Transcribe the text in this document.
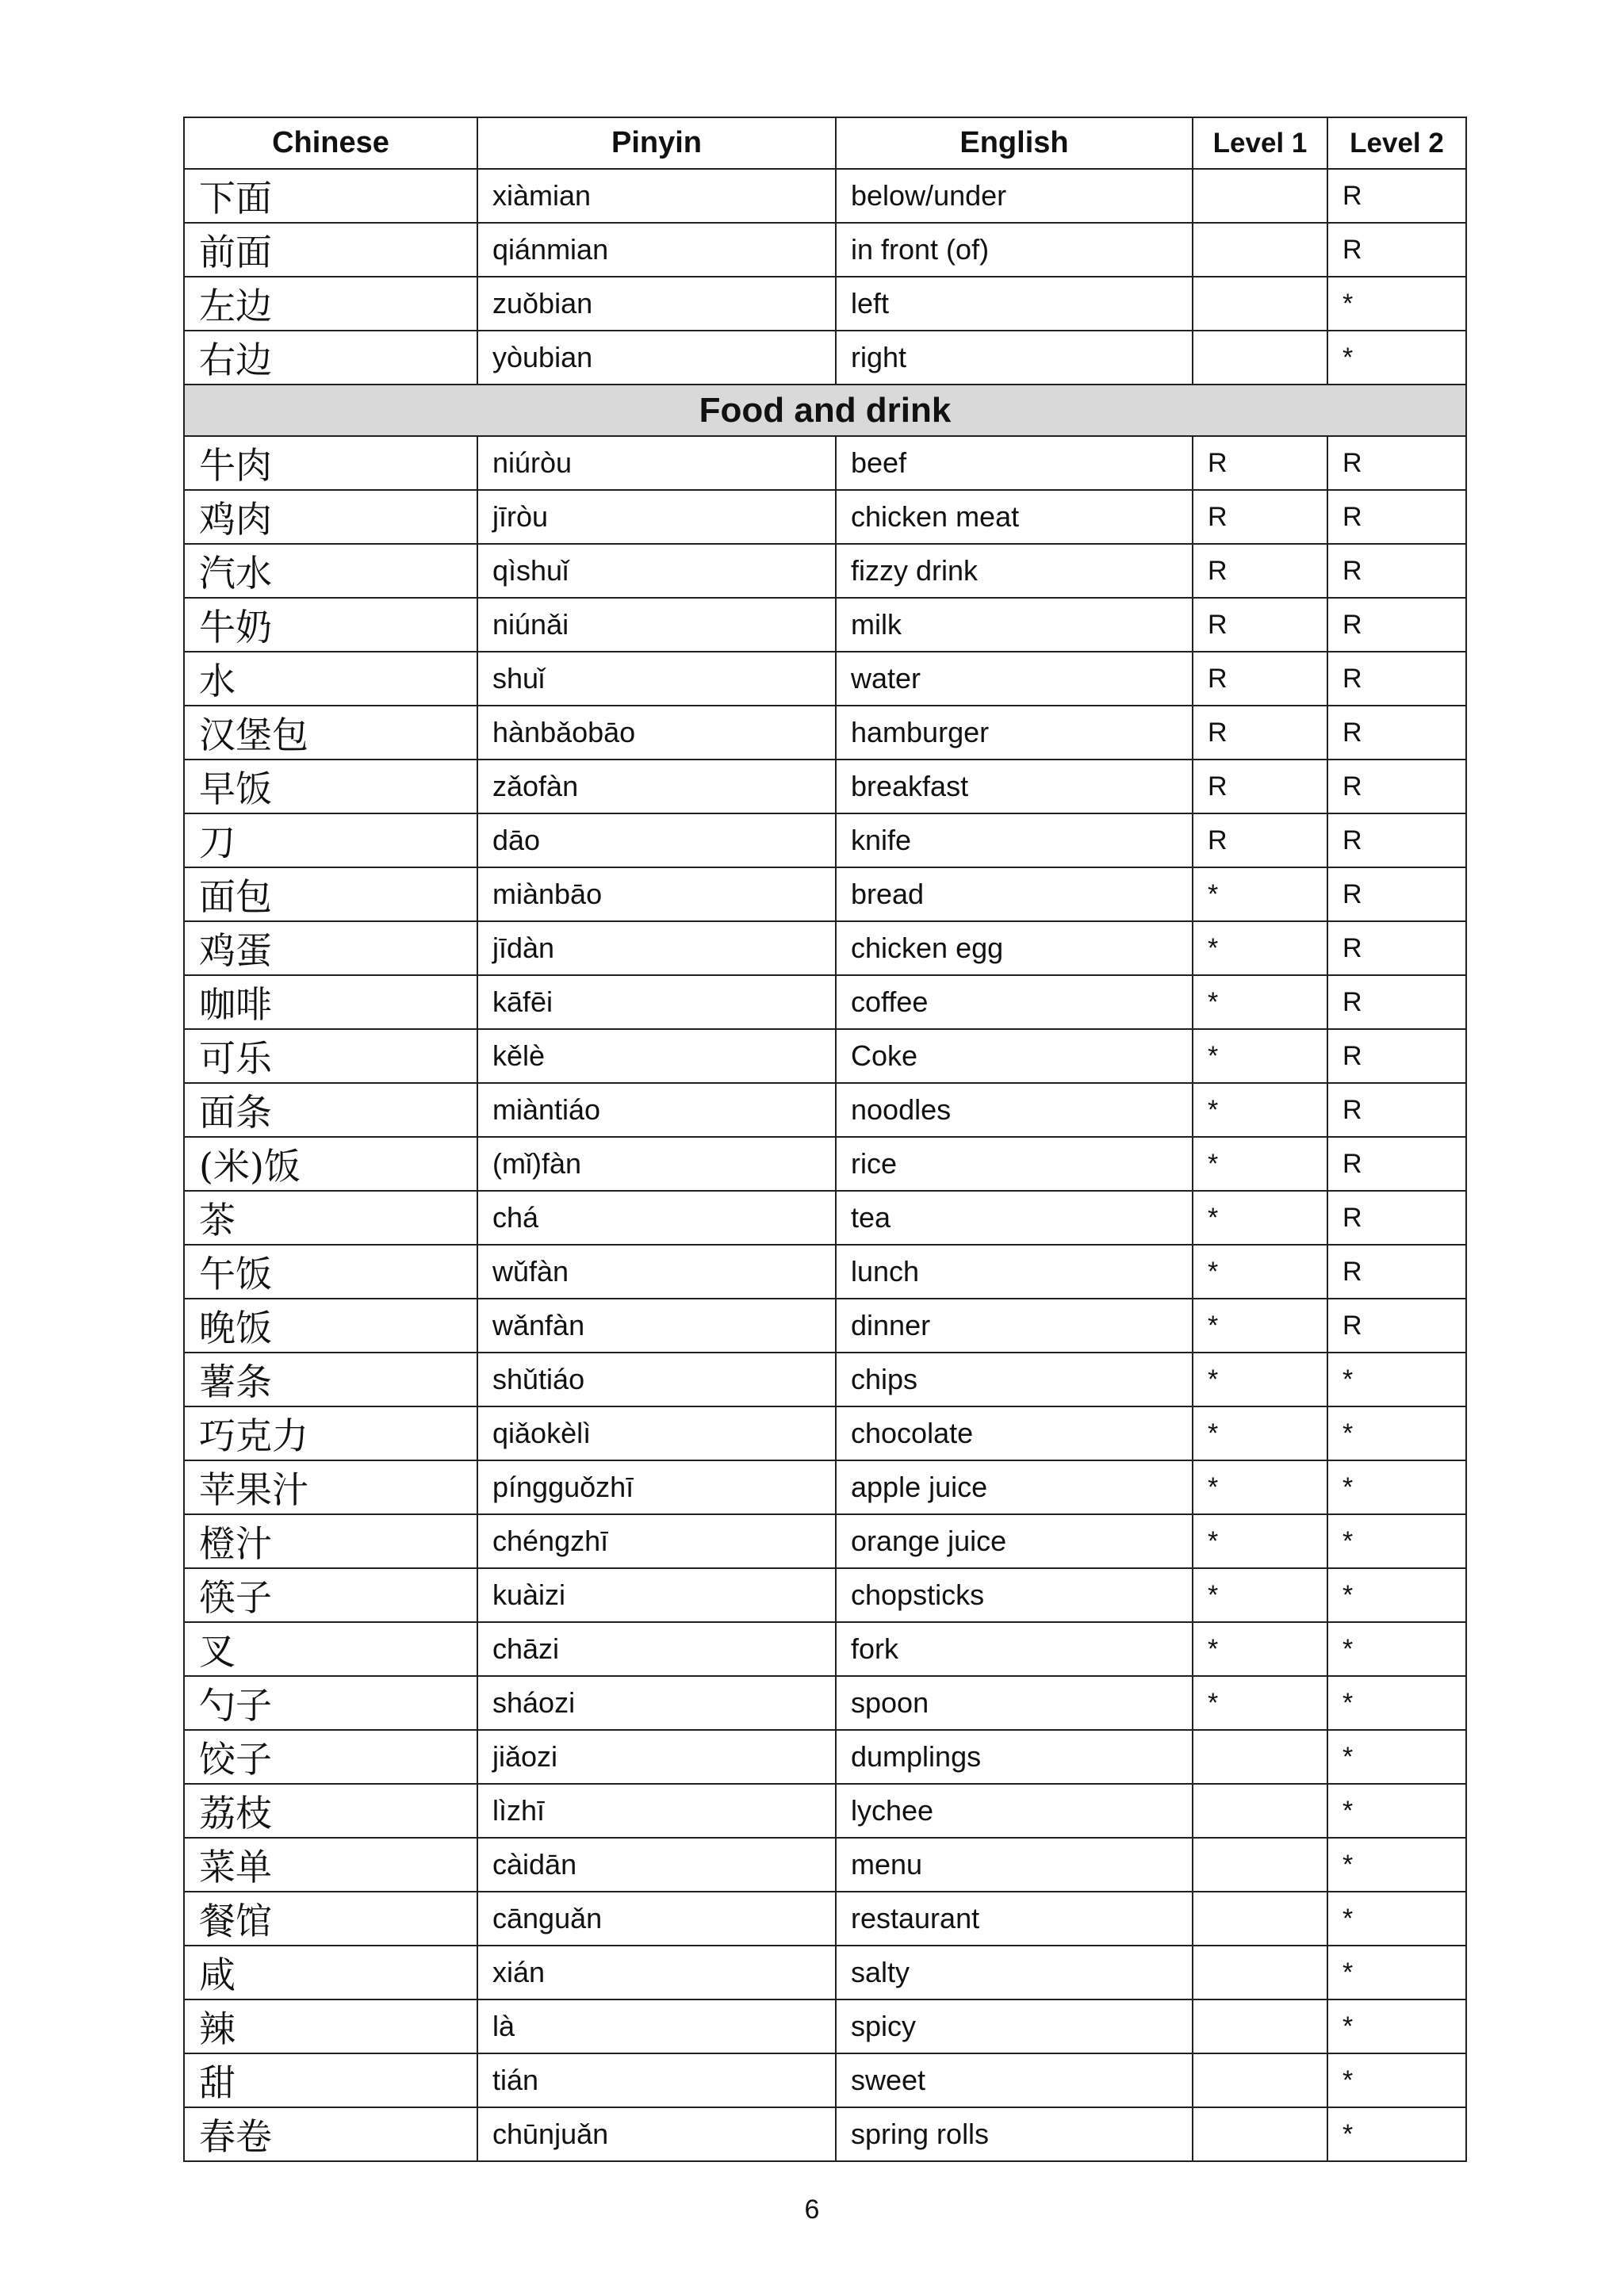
Chinese	Pinyin	English	Level 1	Level 2
下面	xiàmian	below/under		R
前面	qiánmian	in front (of)		R
左边	zuǒbian	left		*
右边	yòubian	right		*
Food and drink				
牛肉	niúròu	beef	R	R
鸡肉	jīròu	chicken meat	R	R
汽水	qìshuǐ	fizzy drink	R	R
牛奶	niúnǎi	milk	R	R
水	shuǐ	water	R	R
汉堡包	hànbǎobāo	hamburger	R	R
早饭	zǎofàn	breakfast	R	R
刀	dāo	knife	R	R
面包	miànbāo	bread	*	R
鸡蛋	jīdàn	chicken egg	*	R
咖啡	kāfēi	coffee	*	R
可乐	kělè	Coke	*	R
面条	miàntiáo	noodles	*	R
(米)饭	(mǐ)fàn	rice	*	R
茶	chá	tea	*	R
午饭	wǔfàn	lunch	*	R
晚饭	wǎnfàn	dinner	*	R
薯条	shǔtiáo	chips	*	*
巧克力	qiǎokèlì	chocolate	*	*
苹果汁	píngguǒzhī	apple juice	*	*
橙汁	chéngzhī	orange juice	*	*
筷子	kuàizi	chopsticks	*	*
叉	chāzi	fork	*	*
勺子	sháozi	spoon	*	*
饺子	jiǎozi	dumplings		*
荔枝	lìzhī	lychee		*
菜单	càidān	menu		*
餐馆	cānguǎn	restaurant		*
咸	xián	salty		*
辣	là	spicy		*
甜	tián	sweet		*
春卷	chūnjuǎn	spring rolls		*
6
